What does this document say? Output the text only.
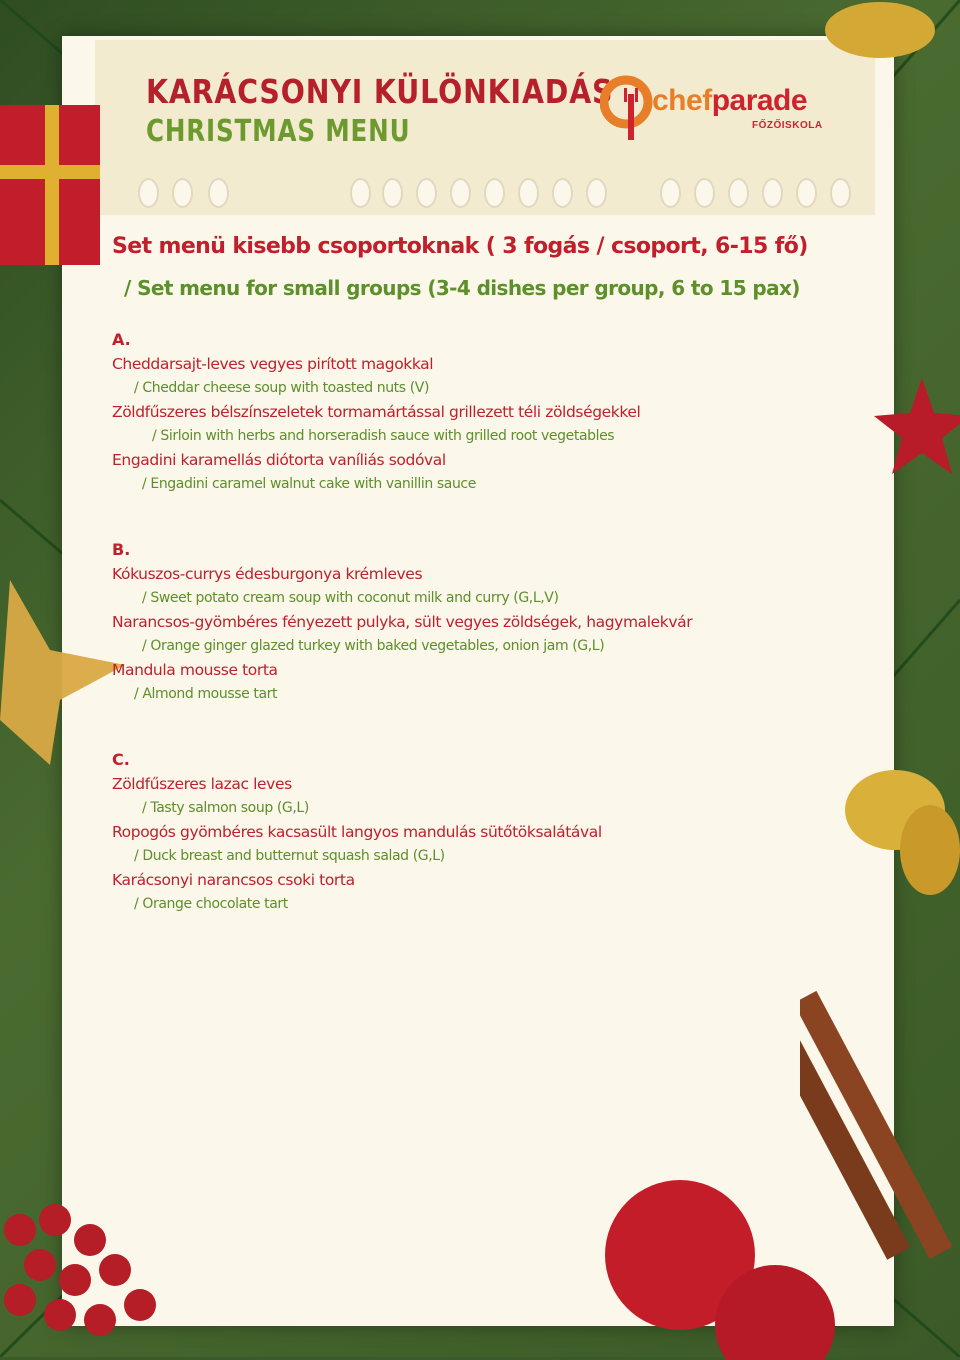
KARÁCSONYI KÜLÖNKIADÁS
CHRISTMAS MENU
chefparade
FŐZŐISKOLA
Set menü kisebb csoportoknak ( 3 fogás / csoport, 6-15 fő)
/ Set menu for small groups (3-4 dishes per group, 6 to 15 pax)
A.
Cheddarsajt-leves vegyes pirított magokkal
/ Cheddar cheese soup with toasted nuts (V)
Zöldfűszeres bélszínszeletek tormamártással grillezett téli zöldségekkel
/ Sirloin with herbs and horseradish sauce with grilled root vegetables
Engadini karamellás diótorta vaníliás sodóval
/ Engadini caramel walnut cake with vanillin sauce
B.
Kókuszos-currys édesburgonya krémleves
/ Sweet potato cream soup with coconut milk and curry (G,L,V)
Narancsos-gyömbéres fényezett pulyka, sült vegyes zöldségek, hagymalekvár
/ Orange ginger glazed turkey with baked vegetables, onion jam (G,L)
Mandula mousse torta
/ Almond mousse tart
C.
Zöldfűszeres lazac leves
/ Tasty salmon soup (G,L)
Ropogós gyömbéres kacsasült langyos mandulás sütőtöksalátával
/ Duck breast and butternut squash salad (G,L)
Karácsonyi narancsos csoki torta
/ Orange chocolate tart
